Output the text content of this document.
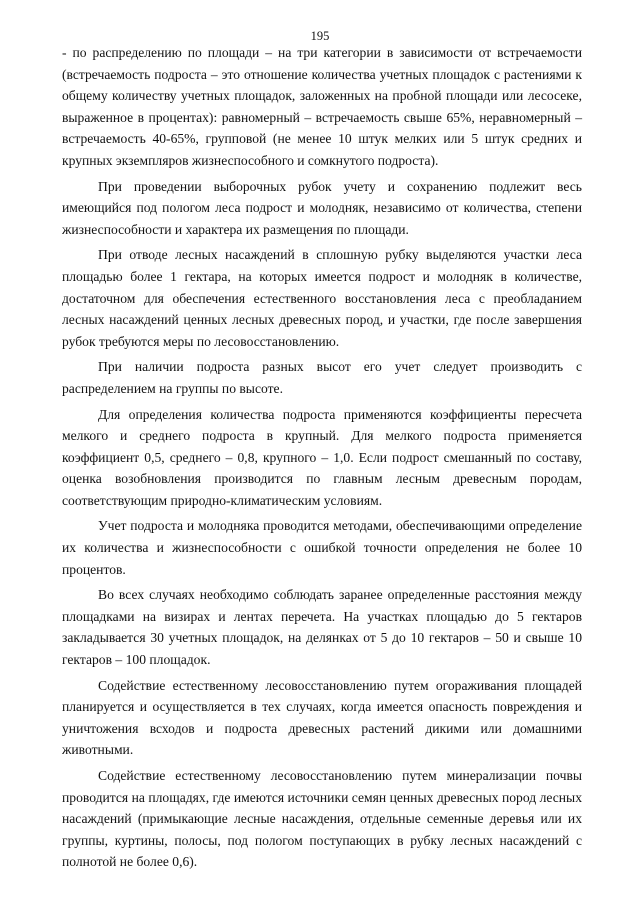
195

- по распределению по площади – на три категории в зависимости от встречаемости (встречаемость подроста – это отношение количества учетных площадок с растениями к общему количеству учетных площадок, заложенных на пробной площади или лесосеке, выраженное в процентах): равномерный – встречаемость свыше 65%, неравномерный – встречаемость 40-65%, групповой (не менее 10 штук мелких или 5 штук средних и крупных экземпляров жизнеспособного и сомкнутого подроста).

При проведении выборочных рубок учету и сохранению подлежит весь имеющийся под пологом леса подрост и молодняк, независимо от количества, степени жизнеспособности и характера их размещения по площади.

При отводе лесных насаждений в сплошную рубку выделяются участки леса площадью более 1 гектара, на которых имеется подрост и молодняк в количестве, достаточном для обеспечения естественного восстановления леса с преобладанием лесных насаждений ценных лесных древесных пород, и участки, где после завершения рубок требуются меры по лесовосстановлению.

При наличии подроста разных высот его учет следует производить с распределением на группы по высоте.

Для определения количества подроста применяются коэффициенты пересчета мелкого и среднего подроста в крупный. Для мелкого подроста применяется коэффициент 0,5, среднего – 0,8, крупного – 1,0. Если подрост смешанный по составу, оценка возобновления производится по главным лесным древесным породам, соответствующим природно-климатическим условиям.

Учет подроста и молодняка проводится методами, обеспечивающими определение их количества и жизнеспособности с ошибкой точности определения не более 10 процентов.

Во всех случаях необходимо соблюдать заранее определенные расстояния между площадками на визирах и лентах перечета. На участках площадью до 5 гектаров закладывается 30 учетных площадок, на делянках от 5 до 10 гектаров – 50 и свыше 10 гектаров – 100 площадок.

Содействие естественному лесовосстановлению путем огораживания площадей планируется и осуществляется в тех случаях, когда имеется опасность повреждения и уничтожения всходов и подроста древесных растений дикими или домашними животными.

Содействие естественному лесовосстановлению путем минерализации почвы проводится на площадях, где имеются источники семян ценных древесных пород лесных насаждений (примыкающие лесные насаждения, отдельные семенные деревья или их группы, куртины, полосы, под пологом поступающих в рубку лесных насаждений с полнотой не более 0,6).
